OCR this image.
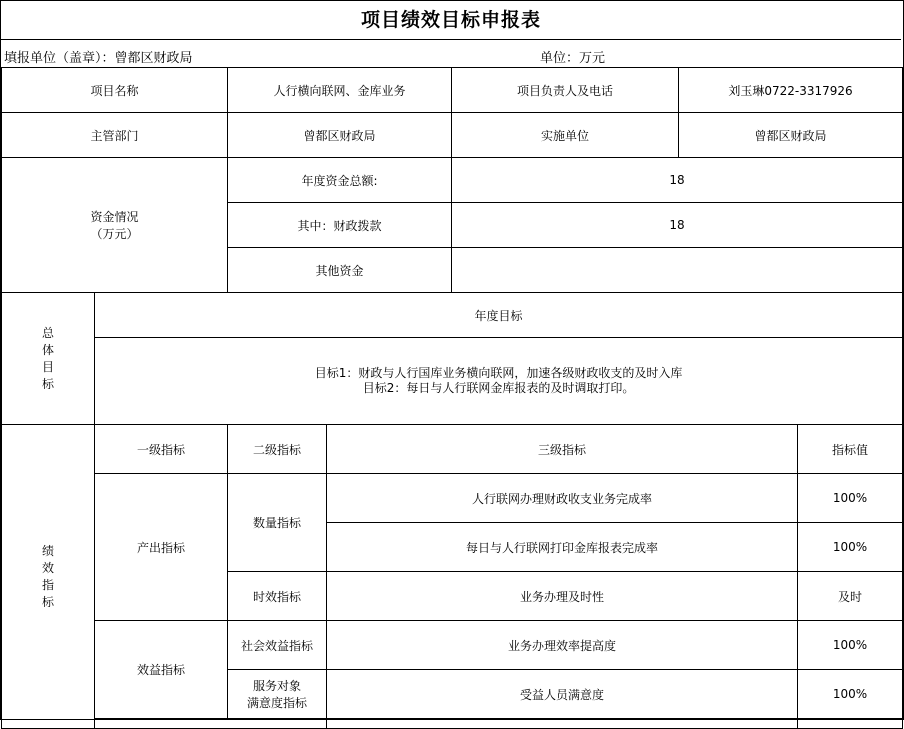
项目绩效目标申报表
填报单位（盖章）：曾都区财政局	单位：万元
项目名称		人行横向联网、金库业务		项目负责人及电话	刘玉琳0722-3317926	
主管部门		曾都区财政局		实施单位	曾都区财政局	

资金情况
（万元）		年度资金总额:		18		
		其中：财政拨款		18		
		其他资金				

总
体
目
标	年度目标					

	目标1：财政与人行国库业务横向联网，加速各级财政收支的及时入库
目标2：每日与人行联网金库报表的及时调取打印。					

绩
效
指
标	一级指标	二级指标	三级指标			指标值
	产出指标	数量指标	人行联网办理财政收支业务完成率			100%
			每日与人行联网打印金库报表完成率			100%
		时效指标	业务办理及时性			及时
	效益指标	社会效益指标	业务办理效率提高度			100%

		服务对象
满意度指标	受益人员满意度			100%
